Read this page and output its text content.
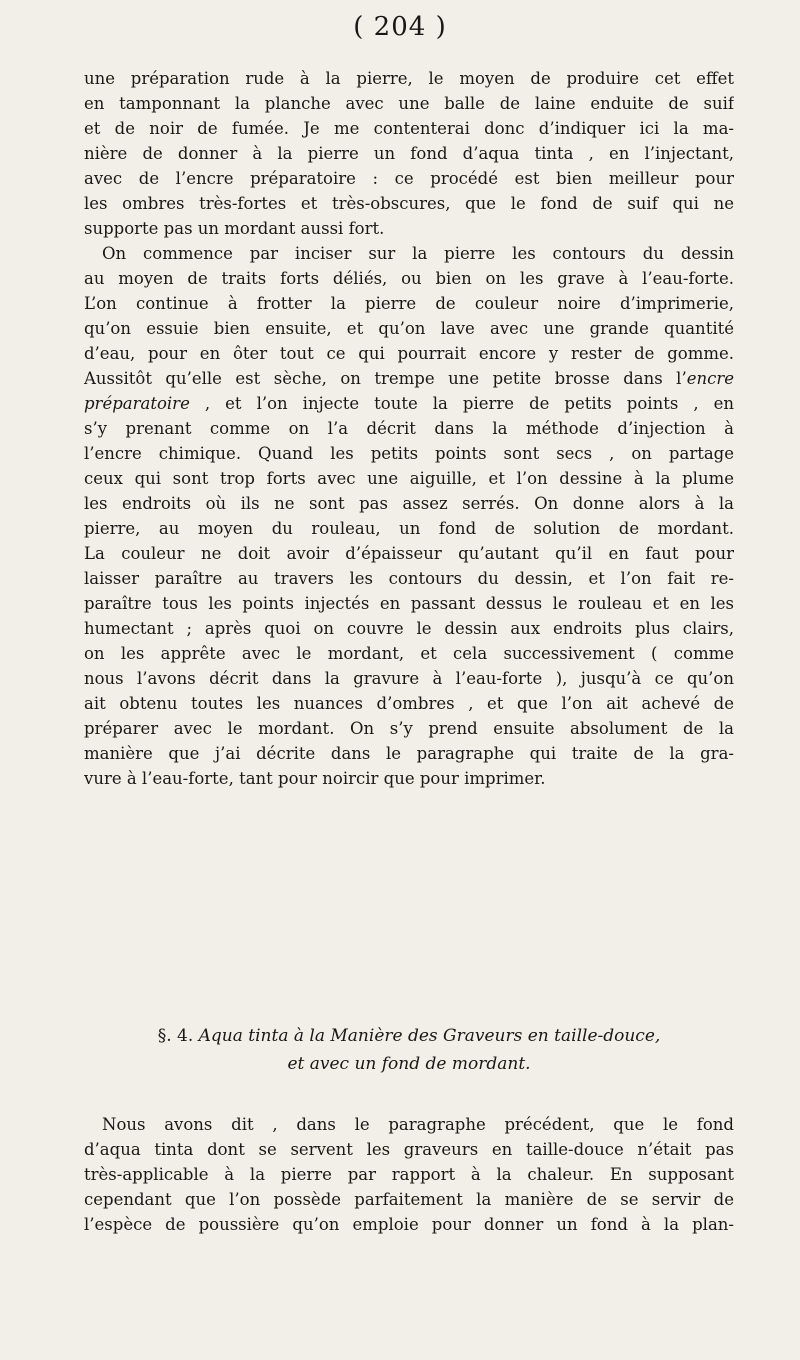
( 204 )
une préparation rude à la pierre, le moyen de produire cet effet
en tamponnant la planche avec une balle de laine enduite de suif
et de noir de fumée. Je me contenterai donc d’indiquer ici la ma-
nière de donner à la pierre un fond d’aqua tinta , en l’injectant,
avec de l’encre préparatoire : ce procédé est bien meilleur pour
les ombres très-fortes et très-obscures, que le fond de suif qui ne
supporte pas un mordant aussi fort.
On commence par inciser sur la pierre les contours du dessin
au moyen de traits forts déliés, ou bien on les grave à l’eau-forte.
L’on continue à frotter la pierre de couleur noire d’imprimerie,
qu’on essuie bien ensuite, et qu’on lave avec une grande quantité
d’eau, pour en ôter tout ce qui pourrait encore y rester de gomme.
Aussitôt qu’elle est sèche, on trempe une petite brosse dans l’encre
préparatoire , et l’on injecte toute la pierre de petits points , en
s’y prenant comme on l’a décrit dans la méthode d’injection à
l’encre chimique. Quand les petits points sont secs , on partage
ceux qui sont trop forts avec une aiguille, et l’on dessine à la plume
les endroits où ils ne sont pas assez serrés. On donne alors à la
pierre, au moyen du rouleau, un fond de solution de mordant.
La couleur ne doit avoir d’épaisseur qu’autant qu’il en faut pour
laisser paraître au travers les contours du dessin, et l’on fait re-
paraître tous les points injectés en passant dessus le rouleau et en les
humectant ; après quoi on couvre le dessin aux endroits plus clairs,
on les apprête avec le mordant, et cela successivement ( comme
nous l’avons décrit dans la gravure à l’eau-forte ), jusqu’à ce qu’on
ait obtenu toutes les nuances d’ombres , et que l’on ait achevé de
préparer avec le mordant. On s’y prend ensuite absolument de la
manière que j’ai décrite dans le paragraphe qui traite de la gra-
vure à l’eau-forte, tant pour noircir que pour imprimer.
§. 4. Aqua tinta à la Manière des Graveurs en taille-douce,
et avec un fond de mordant.
Nous avons dit , dans le paragraphe précédent, que le fond
d’aqua tinta dont se servent les graveurs en taille-douce n’était pas
très-applicable à la pierre par rapport à la chaleur. En supposant
cependant que l’on possède parfaitement la manière de se servir de
l’espèce de poussière qu’on emploie pour donner un fond à la plan-
